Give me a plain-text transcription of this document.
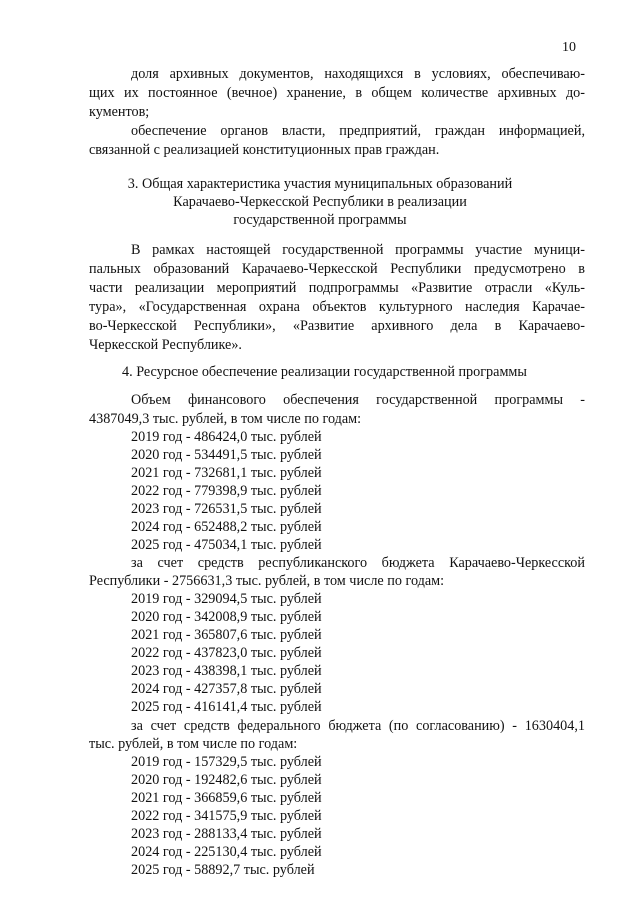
10
доля архивных документов, находящихся в условиях, обеспечиваю-
щих их постоянное (вечное) хранение, в общем количестве архивных до-
кументов;
обеспечение органов власти, предприятий, граждан информацией,
связанной с реализацией конституционных прав граждан.
3. Общая характеристика участия муниципальных образований
Карачаево-Черкесской Республики в реализации
государственной программы
В рамках настоящей государственной программы участие муници-
пальных образований Карачаево-Черкесской Республики предусмотрено в
части реализации мероприятий подпрограммы «Развитие отрасли «Куль-
тура», «Государственная охрана объектов культурного наследия Карачае-
во-Черкесской Республики», «Развитие архивного дела в Карачаево-
Черкесской Республике».
4. Ресурсное обеспечение реализации государственной программы
Объем финансового обеспечения государственной программы -
4387049,3 тыс. рублей, в том числе по годам:
2019 год - 486424,0 тыс. рублей
2020 год - 534491,5 тыс. рублей
2021 год - 732681,1 тыс. рублей
2022 год - 779398,9 тыс. рублей
2023 год - 726531,5 тыс. рублей
2024 год - 652488,2 тыс. рублей
2025 год - 475034,1 тыс. рублей
за счет средств республиканского бюджета Карачаево-Черкесской
Республики - 2756631,3 тыс. рублей, в том числе по годам:
2019 год - 329094,5 тыс. рублей
2020 год - 342008,9 тыс. рублей
2021 год - 365807,6 тыс. рублей
2022 год - 437823,0 тыс. рублей
2023 год - 438398,1 тыс. рублей
2024 год - 427357,8 тыс. рублей
2025 год - 416141,4 тыс. рублей
за счет средств федерального бюджета (по согласованию) - 1630404,1
тыс. рублей, в том числе по годам:
2019 год - 157329,5 тыс. рублей
2020 год - 192482,6 тыс. рублей
2021 год - 366859,6 тыс. рублей
2022 год - 341575,9 тыс. рублей
2023 год - 288133,4 тыс. рублей
2024 год - 225130,4 тыс. рублей
2025 год - 58892,7 тыс. рублей
